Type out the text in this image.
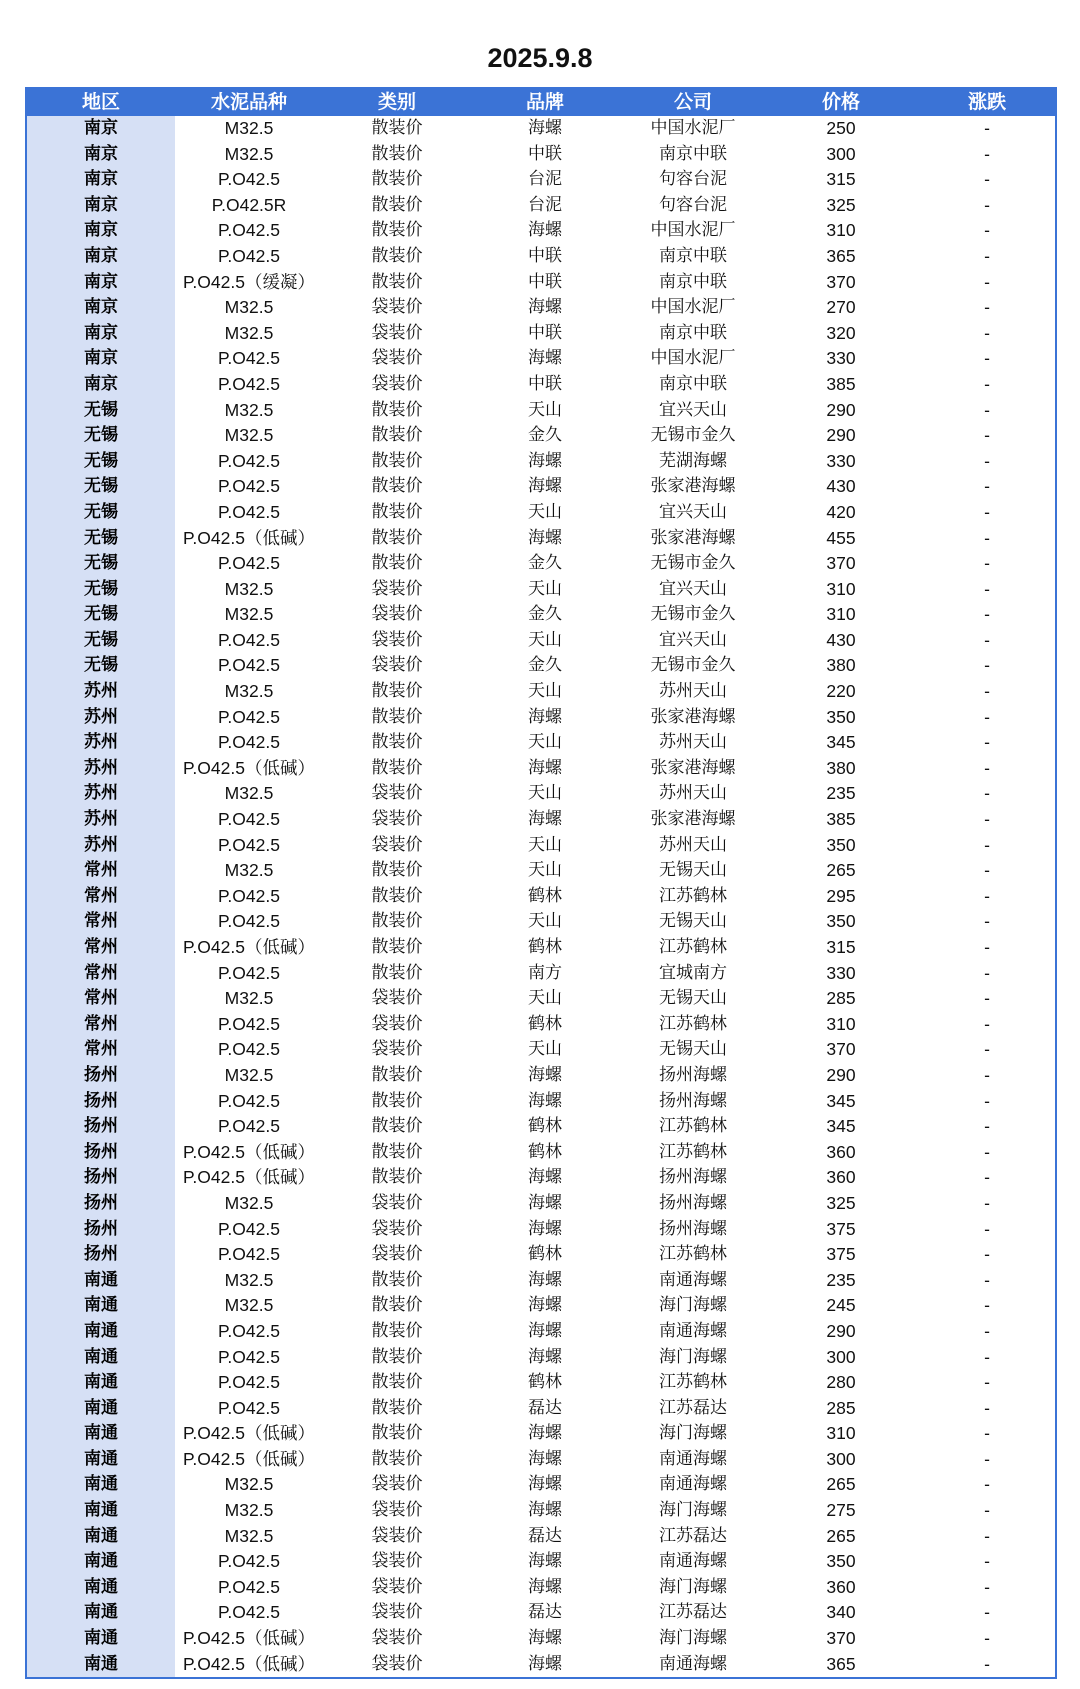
2025.9.8
地区	水泥品种	类别	品牌	公司	价格	涨跌
南京	M32.5	散装价	海螺	中国水泥厂	250	-
南京	M32.5	散装价	中联	南京中联	300	-
南京	P.O42.5	散装价	台泥	句容台泥	315	-
南京	P.O42.5R	散装价	台泥	句容台泥	325	-
南京	P.O42.5	散装价	海螺	中国水泥厂	310	-
南京	P.O42.5	散装价	中联	南京中联	365	-
南京	P.O42.5（缓凝）	散装价	中联	南京中联	370	-
南京	M32.5	袋装价	海螺	中国水泥厂	270	-
南京	M32.5	袋装价	中联	南京中联	320	-
南京	P.O42.5	袋装价	海螺	中国水泥厂	330	-
南京	P.O42.5	袋装价	中联	南京中联	385	-
无锡	M32.5	散装价	天山	宜兴天山	290	-
无锡	M32.5	散装价	金久	无锡市金久	290	-
无锡	P.O42.5	散装价	海螺	芜湖海螺	330	-
无锡	P.O42.5	散装价	海螺	张家港海螺	430	-
无锡	P.O42.5	散装价	天山	宜兴天山	420	-
无锡	P.O42.5（低碱）	散装价	海螺	张家港海螺	455	-
无锡	P.O42.5	散装价	金久	无锡市金久	370	-
无锡	M32.5	袋装价	天山	宜兴天山	310	-
无锡	M32.5	袋装价	金久	无锡市金久	310	-
无锡	P.O42.5	袋装价	天山	宜兴天山	430	-
无锡	P.O42.5	袋装价	金久	无锡市金久	380	-
苏州	M32.5	散装价	天山	苏州天山	220	-
苏州	P.O42.5	散装价	海螺	张家港海螺	350	-
苏州	P.O42.5	散装价	天山	苏州天山	345	-
苏州	P.O42.5（低碱）	散装价	海螺	张家港海螺	380	-
苏州	M32.5	袋装价	天山	苏州天山	235	-
苏州	P.O42.5	袋装价	海螺	张家港海螺	385	-
苏州	P.O42.5	袋装价	天山	苏州天山	350	-
常州	M32.5	散装价	天山	无锡天山	265	-
常州	P.O42.5	散装价	鹤林	江苏鹤林	295	-
常州	P.O42.5	散装价	天山	无锡天山	350	-
常州	P.O42.5（低碱）	散装价	鹤林	江苏鹤林	315	-
常州	P.O42.5	散装价	南方	宜城南方	330	-
常州	M32.5	袋装价	天山	无锡天山	285	-
常州	P.O42.5	袋装价	鹤林	江苏鹤林	310	-
常州	P.O42.5	袋装价	天山	无锡天山	370	-
扬州	M32.5	散装价	海螺	扬州海螺	290	-
扬州	P.O42.5	散装价	海螺	扬州海螺	345	-
扬州	P.O42.5	散装价	鹤林	江苏鹤林	345	-
扬州	P.O42.5（低碱）	散装价	鹤林	江苏鹤林	360	-
扬州	P.O42.5（低碱）	散装价	海螺	扬州海螺	360	-
扬州	M32.5	袋装价	海螺	扬州海螺	325	-
扬州	P.O42.5	袋装价	海螺	扬州海螺	375	-
扬州	P.O42.5	袋装价	鹤林	江苏鹤林	375	-
南通	M32.5	散装价	海螺	南通海螺	235	-
南通	M32.5	散装价	海螺	海门海螺	245	-
南通	P.O42.5	散装价	海螺	南通海螺	290	-
南通	P.O42.5	散装价	海螺	海门海螺	300	-
南通	P.O42.5	散装价	鹤林	江苏鹤林	280	-
南通	P.O42.5	散装价	磊达	江苏磊达	285	-
南通	P.O42.5（低碱）	散装价	海螺	海门海螺	310	-
南通	P.O42.5（低碱）	散装价	海螺	南通海螺	300	-
南通	M32.5	袋装价	海螺	南通海螺	265	-
南通	M32.5	袋装价	海螺	海门海螺	275	-
南通	M32.5	袋装价	磊达	江苏磊达	265	-
南通	P.O42.5	袋装价	海螺	南通海螺	350	-
南通	P.O42.5	袋装价	海螺	海门海螺	360	-
南通	P.O42.5	袋装价	磊达	江苏磊达	340	-
南通	P.O42.5（低碱）	袋装价	海螺	海门海螺	370	-
南通	P.O42.5（低碱）	袋装价	海螺	南通海螺	365	-
